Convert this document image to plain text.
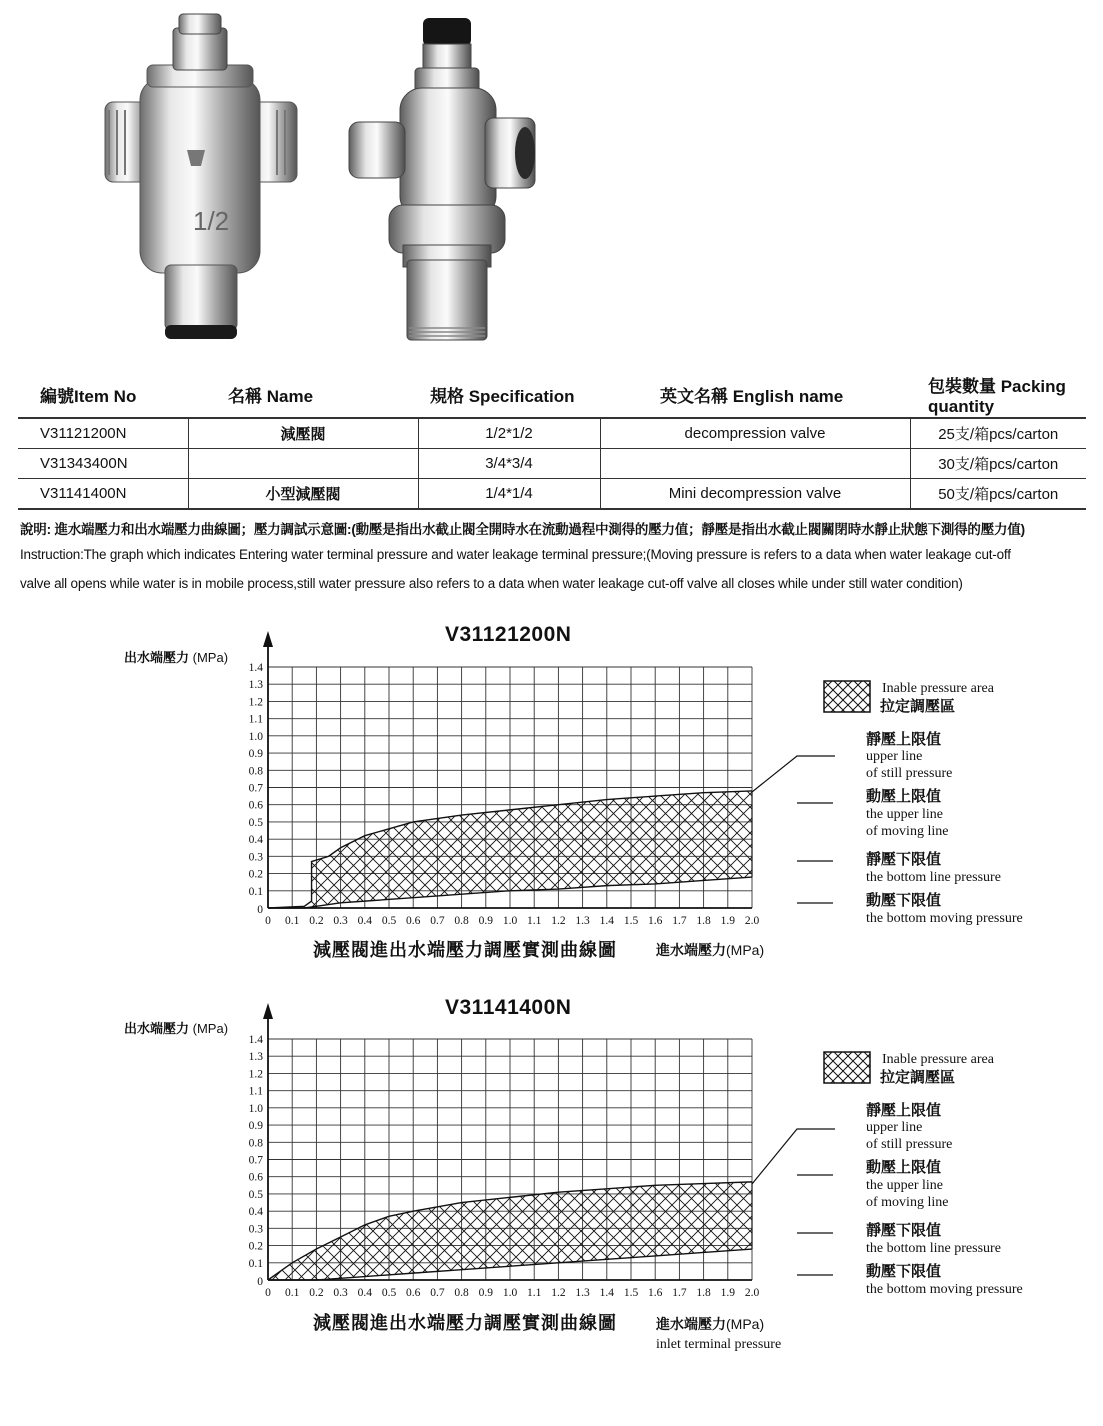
1/2
編號Item No	名稱 Name	規格 Specification	英文名稱 English name	包裝數量 Packing quantity
V31121200N	減壓閥	1/2*1/2	decompression valve	25支/箱pcs/carton
V31343400N		3/4*3/4		30支/箱pcs/carton
V31141400N	小型減壓閥	1/4*1/4	Mini decompression valve	50支/箱pcs/carton
說明: 進水端壓力和出水端壓力曲線圖；壓力調試示意圖:(動壓是指出水截止閥全開時水在流動過程中測得的壓力值；靜壓是指出水截止閥關閉時水靜止狀態下測得的壓力值)
Instruction:The graph which indicates Entering water terminal pressure and water leakage terminal pressure;(Moving pressure is refers to a data when water leakage cut-off
valve all opens while water is in mobile process,still water pressure also refers to a data when water leakage cut-off valve all closes while under still water condition)
V31121200N
出水端壓力 (MPa)
0 0.1 0.2 0.3 0.4 0.5 0.6 0.7 0.8 0.9 1.0 1.1 1.2 1.3 1.4 1.5 1.6 1.7 1.8 1.9 2.0
0
0.1
0.2
0.3
0.4
0.5
0.6
0.7
0.8
0.9
1.0
1.1
1.2
1.3
1.4
減壓閥進出水端壓力調壓實測曲線圖	進水端壓力(MPa)
Inable pressure area
拉定調壓區
靜壓上限值
upper line
of still pressure
動壓上限值
the upper line
of moving line
靜壓下限值
the bottom line pressure
動壓下限值
the bottom moving pressure
V31141400N
出水端壓力 (MPa)
0 0.1 0.2 0.3 0.4 0.5 0.6 0.7 0.8 0.9 1.0 1.1 1.2 1.3 1.4 1.5 1.6 1.7 1.8 1.9 2.0
0
0.1
0.2
0.3
0.4
0.5
0.6
0.7
0.8
0.9
1.0
1.1
1.2
1.3
1.4
減壓閥進出水端壓力調壓實測曲線圖	進水端壓力(MPa)
inlet terminal pressure
Inable pressure area
拉定調壓區
靜壓上限值
upper line
of still pressure
動壓上限值
the upper line
of moving line
靜壓下限值
the bottom line pressure
動壓下限值
the bottom moving pressure
